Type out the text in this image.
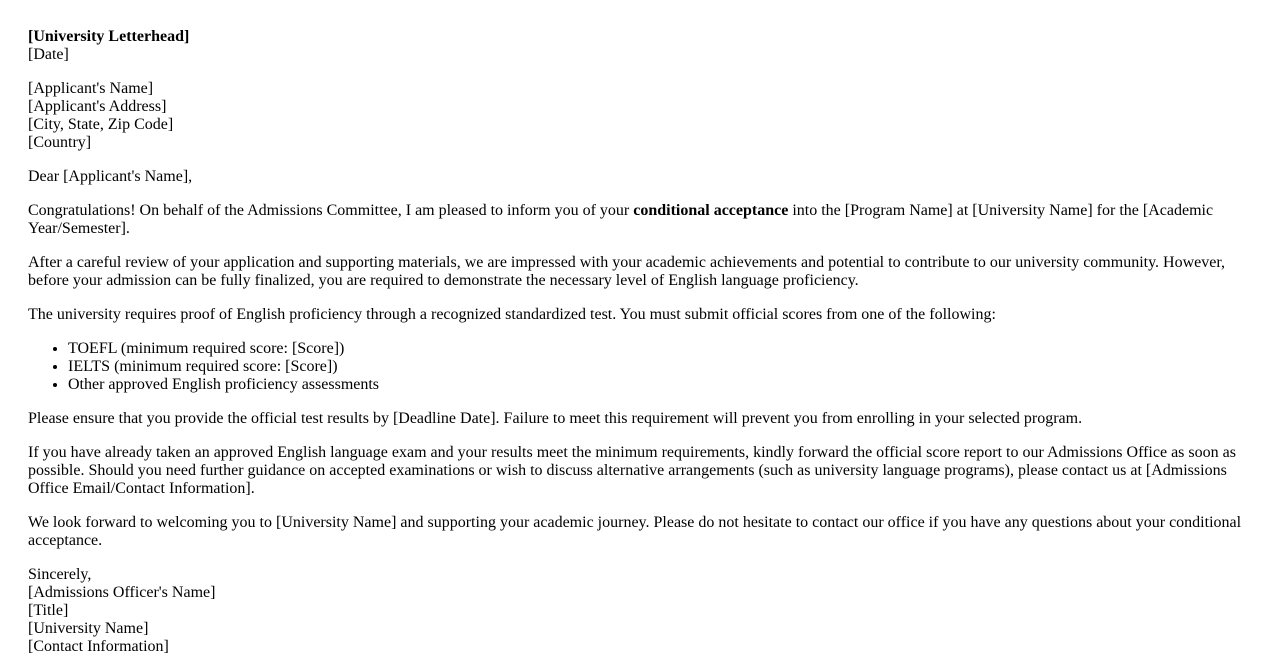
[University Letterhead]
[Date]
[Applicant's Name]
[Applicant's Address]
[City, State, Zip Code]
[Country]

Dear [Applicant's Name],

Congratulations! On behalf of the Admissions Committee, I am pleased to inform you of your conditional acceptance into the [Program Name] at [University Name] for the [Academic Year/Semester].

After a careful review of your application and supporting materials, we are impressed with your academic achievements and potential to contribute to our university community. However, before your admission can be fully finalized, you are required to demonstrate the necessary level of English language proficiency.

The university requires proof of English proficiency through a recognized standardized test. You must submit official scores from one of the following:

• TOEFL (minimum required score: [Score])
• IELTS (minimum required score: [Score])
• Other approved English proficiency assessments

Please ensure that you provide the official test results by [Deadline Date]. Failure to meet this requirement will prevent you from enrolling in your selected program.

If you have already taken an approved English language exam and your results meet the minimum requirements, kindly forward the official score report to our Admissions Office as soon as possible. Should you need further guidance on accepted examinations or wish to discuss alternative arrangements (such as university language programs), please contact us at [Admissions Office Email/Contact Information].

We look forward to welcoming you to [University Name] and supporting your academic journey. Please do not hesitate to contact our office if you have any questions about your conditional acceptance.

Sincerely,
[Admissions Officer's Name]
[Title]
[University Name]
[Contact Information]
